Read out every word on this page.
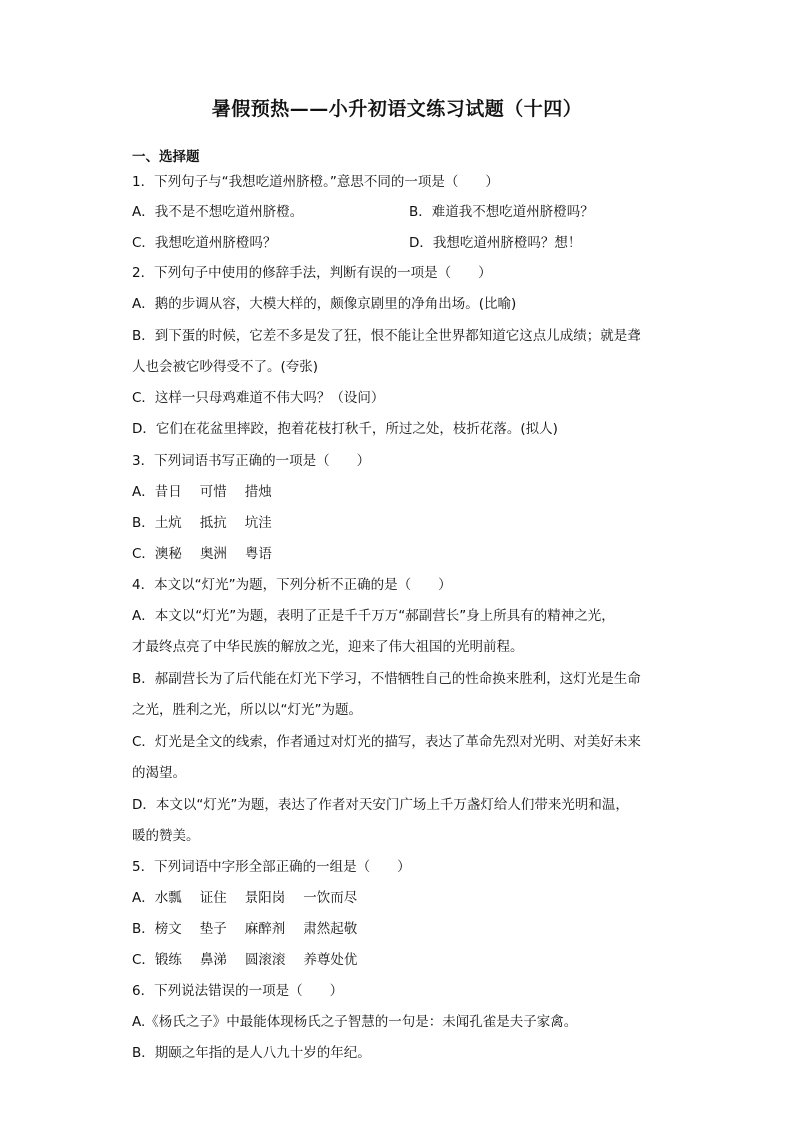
暑假预热——小升初语文练习试题（十四）
一、选择题
1．下列句子与“我想吃道州脐橙。”意思不同的一项是（　　）
A．我不是不想吃道州脐橙。	B．难道我不想吃道州脐橙吗？
C．我想吃道州脐橙吗？	D．我想吃道州脐橙吗？想！
2．下列句子中使用的修辞手法，判断有误的一项是（　　）
A．鹅的步调从容，大模大样的，颇像京剧里的净角出场。(比喻)
B．到下蛋的时候，它差不多是发了狂，恨不能让全世界都知道它这点儿成绩；就是聋
人也会被它吵得受不了。(夸张)
C．这样一只母鸡难道不伟大吗？（设问）
D．它们在花盆里摔跤，抱着花枝打秋千，所过之处，枝折花落。(拟人)
3．下列词语书写正确的一项是（　　）
A．昔日 可惜 措烛
B．土炕 抵抗 坑洼
C．澳秘 奥洲 粤语
4．本文以“灯光”为题，下列分析不正确的是（　　）
A．本文以“灯光”为题，表明了正是千千万万“郝副营长”身上所具有的精神之光，
才最终点亮了中华民族的解放之光，迎来了伟大祖国的光明前程。
B．郝副营长为了后代能在灯光下学习，不惜牺牲自己的性命换来胜利，这灯光是生命
之光，胜利之光，所以以“灯光”为题。
C．灯光是全文的线索，作者通过对灯光的描写，表达了革命先烈对光明、对美好未来
的渴望。
D．本文以“灯光”为题，表达了作者对天安门广场上千万盏灯给人们带来光明和温，
暖的赞美。
5．下列词语中字形全部正确的一组是（　　）
A．水瓢 证住 景阳岗 一饮而尽
B．榜文 垫子 麻醉剂 肃然起敬
C．锻练 鼻涕 圆滚滚 养尊处优
6．下列说法错误的一项是（　　）
A.《杨氏之子》中最能体现杨氏之子智慧的一句是：未闻孔雀是夫子家禽。
B．期颐之年指的是人八九十岁的年纪。
